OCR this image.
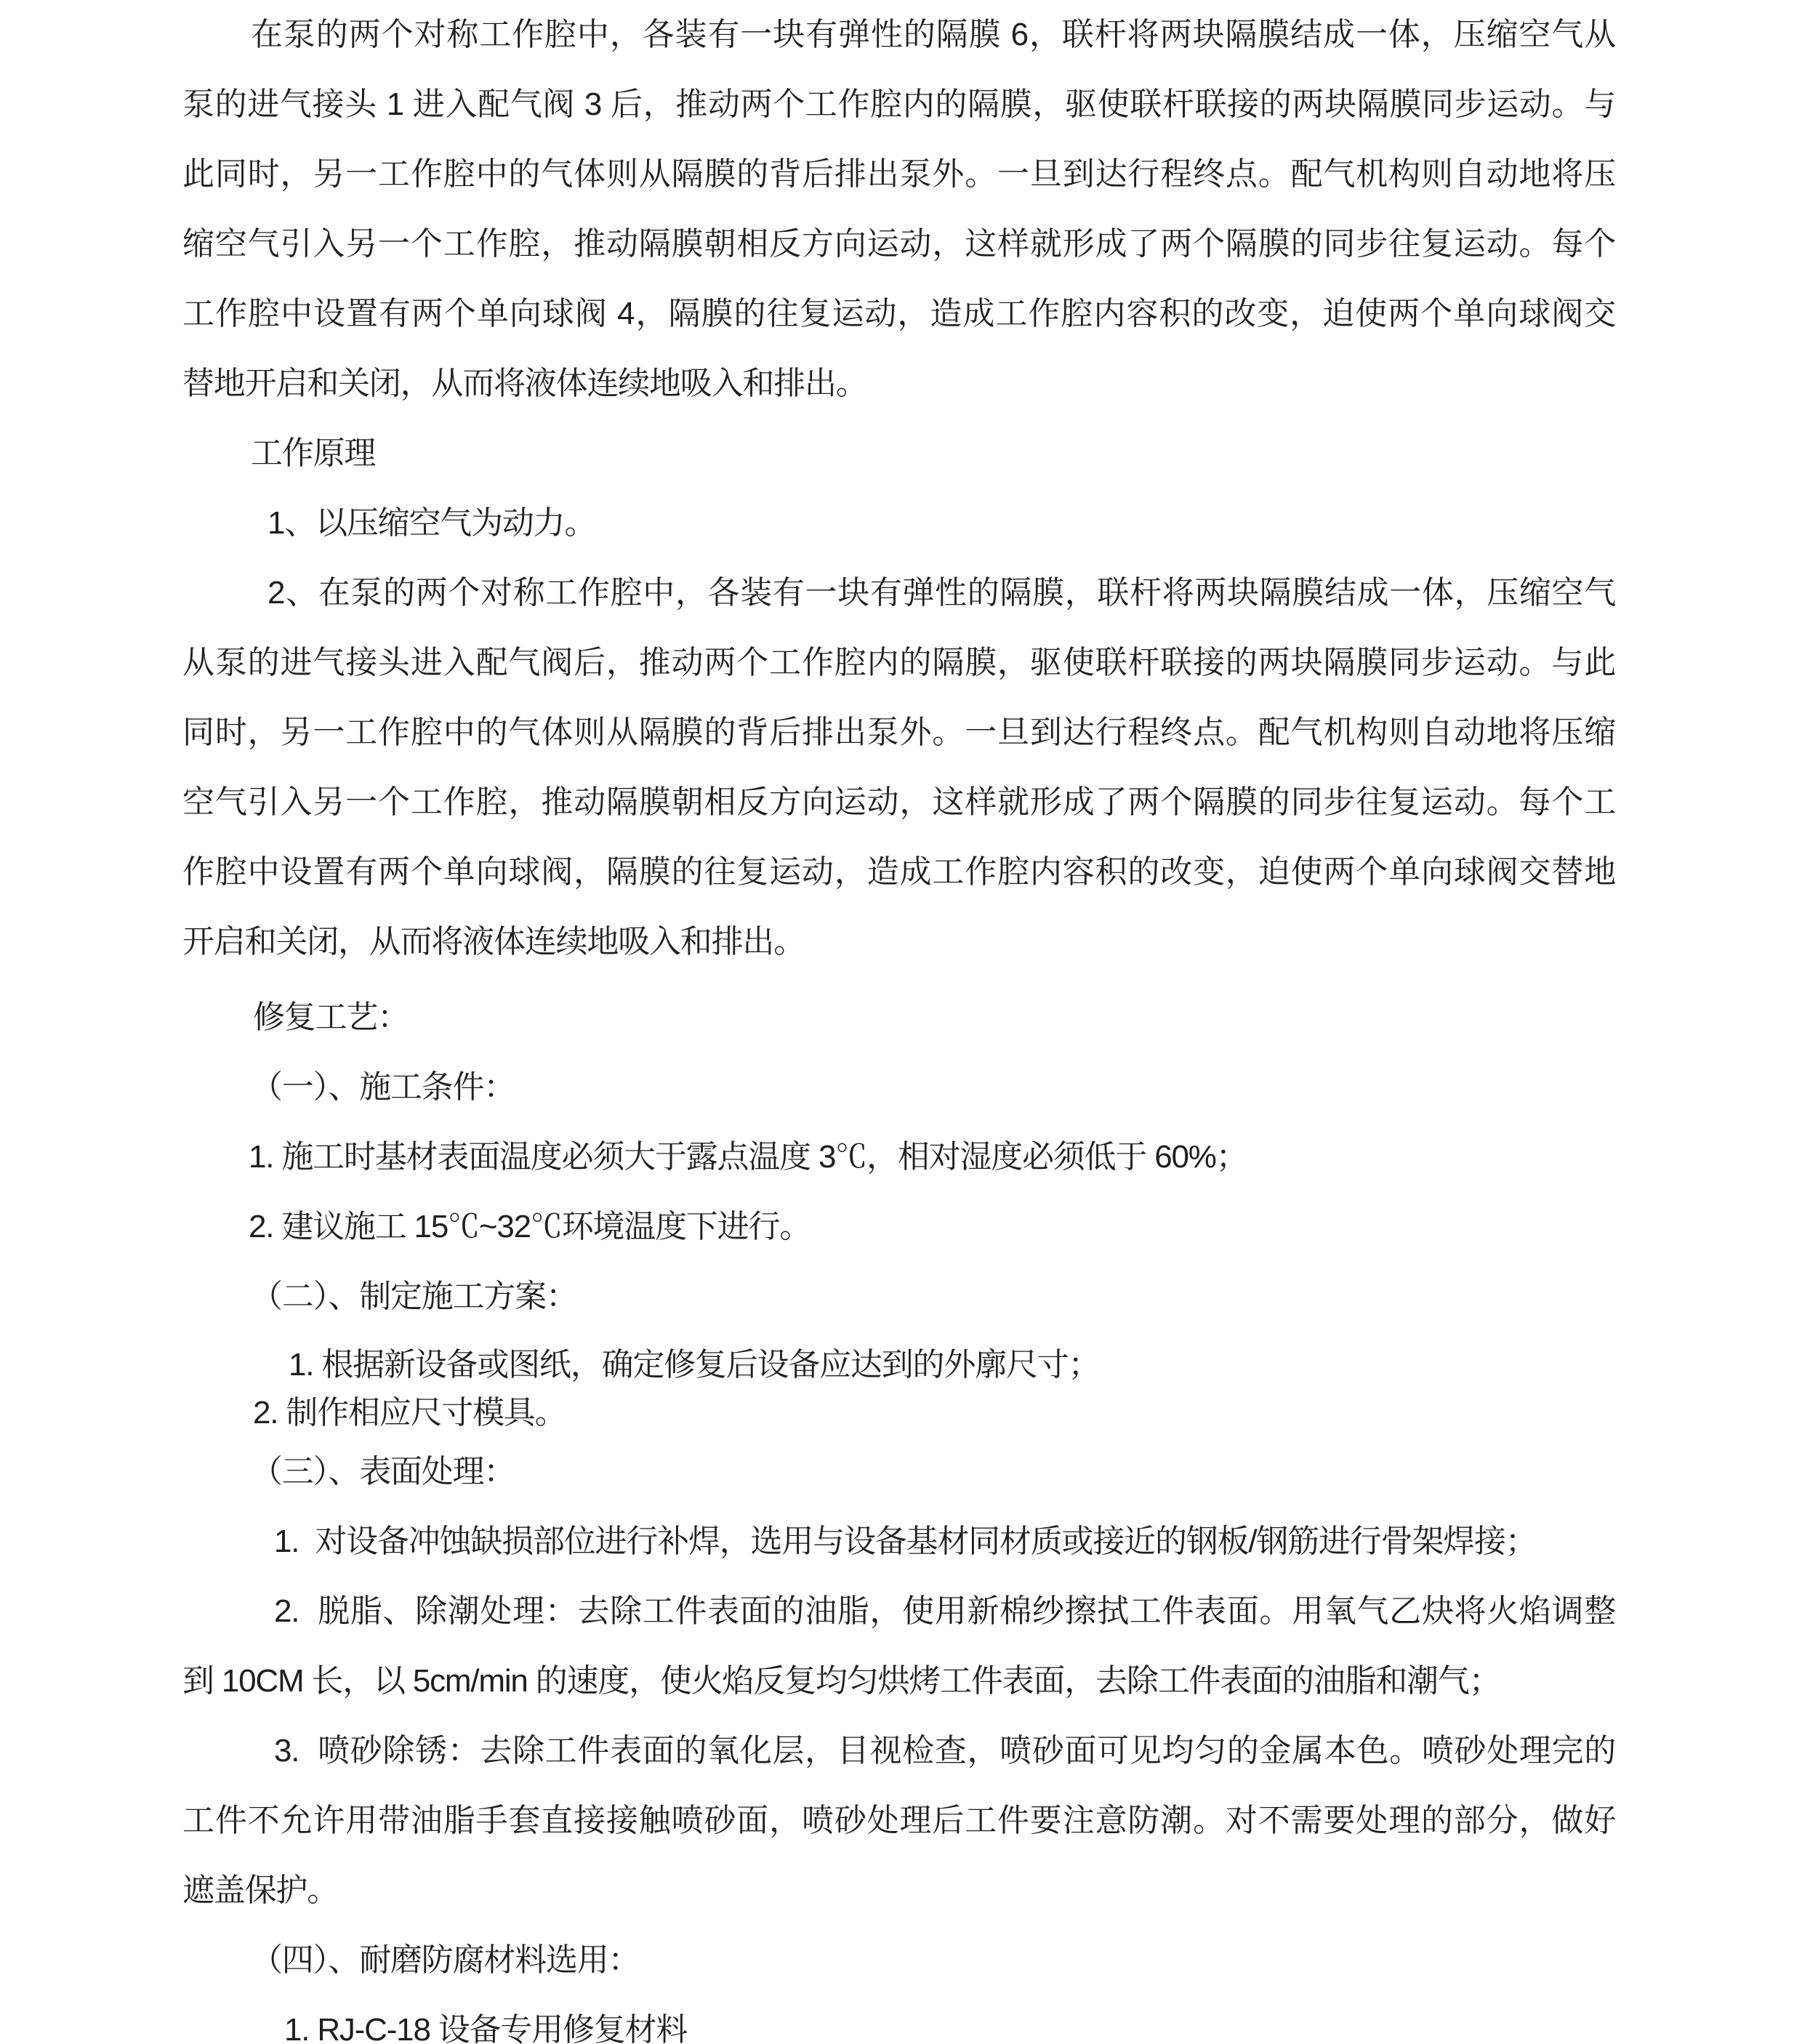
在泵的两个对称工作腔中，各装有一块有弹性的隔膜 6，联杆将两块隔膜结成一体，压缩空气从
泵的进气接头 1 进入配气阀 3 后，推动两个工作腔内的隔膜，驱使联杆联接的两块隔膜同步运动。与
此同时，另一工作腔中的气体则从隔膜的背后排出泵外。一旦到达行程终点。配气机构则自动地将压
缩空气引入另一个工作腔，推动隔膜朝相反方向运动，这样就形成了两个隔膜的同步往复运动。每个
工作腔中设置有两个单向球阀 4，隔膜的往复运动，造成工作腔内容积的改变，迫使两个单向球阀交
替地开启和关闭，从而将液体连续地吸入和排出。
工作原理
1、以压缩空气为动力。
2、在泵的两个对称工作腔中，各装有一块有弹性的隔膜，联杆将两块隔膜结成一体，压缩空气
从泵的进气接头进入配气阀后，推动两个工作腔内的隔膜，驱使联杆联接的两块隔膜同步运动。与此
同时，另一工作腔中的气体则从隔膜的背后排出泵外。一旦到达行程终点。配气机构则自动地将压缩
空气引入另一个工作腔，推动隔膜朝相反方向运动，这样就形成了两个隔膜的同步往复运动。每个工
作腔中设置有两个单向球阀，隔膜的往复运动，造成工作腔内容积的改变，迫使两个单向球阀交替地
开启和关闭，从而将液体连续地吸入和排出。
修复工艺：
（一）、施工条件：
1. 施工时基材表面温度必须大于露点温度 3℃，相对湿度必须低于 60%；
2. 建议施工 15℃~32℃环境温度下进行。
（二）、制定施工方案：
1. 根据新设备或图纸，确定修复后设备应达到的外廓尺寸；
2. 制作相应尺寸模具。
（三）、表面处理：
1.  对设备冲蚀缺损部位进行补焊，选用与设备基材同材质或接近的钢板/钢筋进行骨架焊接；
2.  脱脂、除潮处理：去除工件表面的油脂，使用新棉纱擦拭工件表面。用氧气乙炔将火焰调整
到 10CM 长，以 5cm/min 的速度，使火焰反复均匀烘烤工件表面，去除工件表面的油脂和潮气；
3.  喷砂除锈：去除工件表面的氧化层，目视检查，喷砂面可见均匀的金属本色。喷砂处理完的
工件不允许用带油脂手套直接接触喷砂面，喷砂处理后工件要注意防潮。对不需要处理的部分，做好
遮盖保护。
（四）、耐磨防腐材料选用：
1. RJ-C-18 设备专用修复材料
